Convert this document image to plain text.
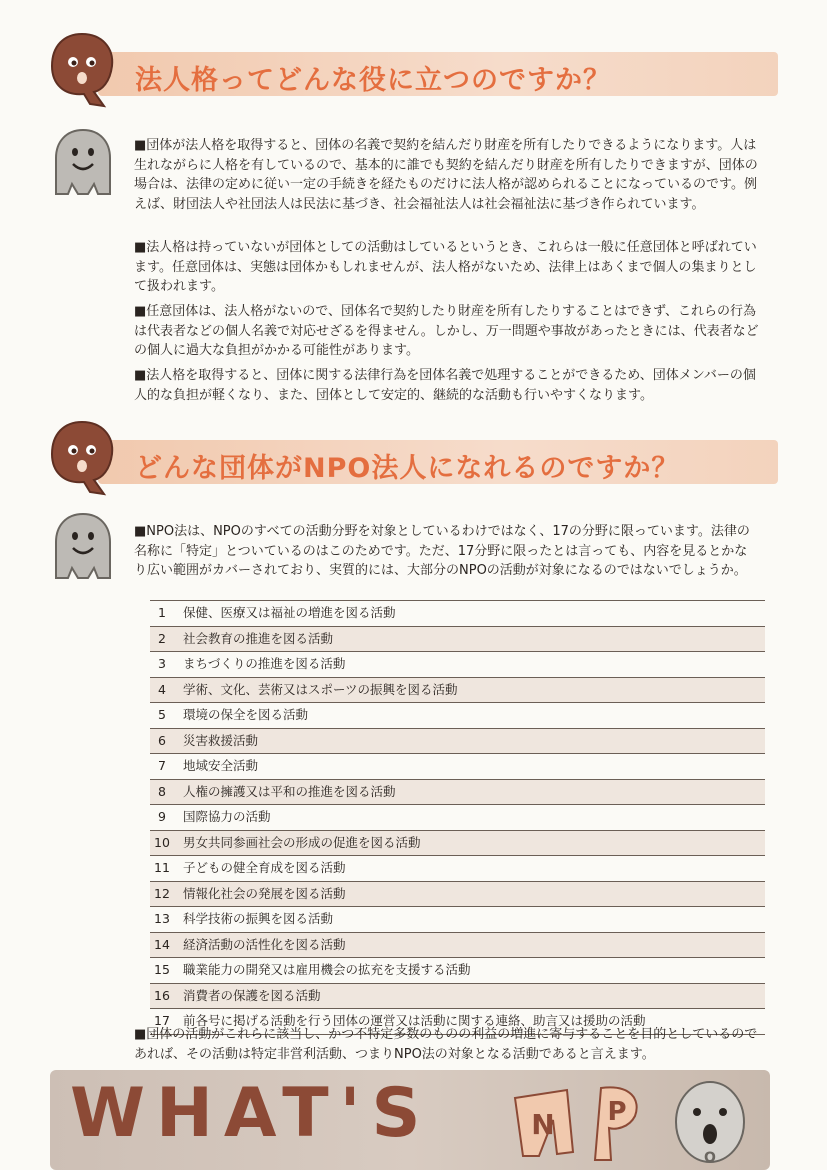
法人格ってどんな役に立つのですか？

■団体が法人格を取得すると、団体の名義で契約を結んだり財産を所有したりできるようになります。人は生れながらに人格を有しているので、基本的に誰でも契約を結んだり財産を所有したりできますが、団体の場合は、法律の定めに従い一定の手続きを経たものだけに法人格が認められることになっているのです。例えば、財団法人や社団法人は民法に基づき、社会福祉法人は社会福祉法に基づき作られています。

■法人格は持っていないが団体としての活動はしているというとき、これらは一般に任意団体と呼ばれています。任意団体は、実態は団体かもしれませんが、法人格がないため、法律上はあくまで個人の集まりとして扱われます。

■任意団体は、法人格がないので、団体名で契約したり財産を所有したりすることはできず、これらの行為は代表者などの個人名義で対応せざるを得ません。しかし、万一問題や事故があったときには、代表者などの個人に過大な負担がかかる可能性があります。

■法人格を取得すると、団体に関する法律行為を団体名義で処理することができるため、団体メンバーの個人的な負担が軽くなり、また、団体として安定的、継続的な活動も行いやすくなります。

どんな団体がNPO法人になれるのですか？

■NPO法は、NPOのすべての活動分野を対象としているわけではなく、17の分野に限っています。法律の名称に「特定」とついているのはこのためです。ただ、17分野に限ったとは言っても、内容を見るとかなり広い範囲がカバーされており、実質的には、大部分のNPOの活動が対象になるのではないでしょうか。

1	保健、医療又は福祉の増進を図る活動
2	社会教育の推進を図る活動
3	まちづくりの推進を図る活動
4	学術、文化、芸術又はスポーツの振興を図る活動
5	環境の保全を図る活動
6	災害救援活動
7	地域安全活動
8	人権の擁護又は平和の推進を図る活動
9	国際協力の活動
10	男女共同参画社会の形成の促進を図る活動
11	子どもの健全育成を図る活動
12	情報化社会の発展を図る活動
13	科学技術の振興を図る活動
14	経済活動の活性化を図る活動
15	職業能力の開発又は雇用機会の拡充を支援する活動
16	消費者の保護を図る活動
17	前各号に掲げる活動を行う団体の運営又は活動に関する連絡、助言又は援助の活動

■団体の活動がこれらに該当し、かつ不特定多数のものの利益の増進に寄与することを目的としているのであれば、その活動は特定非営利活動、つまりNPO法の対象となる活動であると言えます。

WHAT'S	N P
O
